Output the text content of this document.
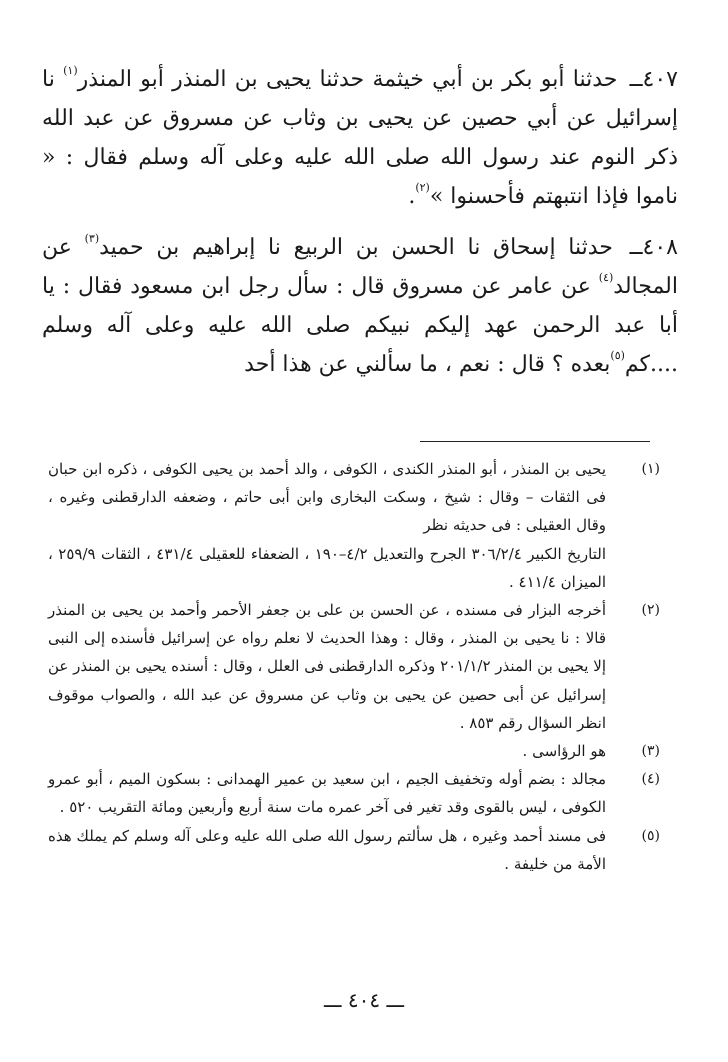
٤٠٧ــ حدثنا أبو بكر بن أبي خيثمة حدثنا يحيى بن المنذر أبو المنذر$^{(١)}$ نا إسرائيل عن أبي حصين عن يحيى بن وثاب عن مسروق عن عبد الله ذكر النوم عند رسول الله صلى الله عليه وعلى آله وسلم فقال : « ناموا فإذا انتبهتم فأحسنوا »$^{(٢)}$.
٤٠٨ــ حدثنا إسحاق نا الحسن بن الربيع نا إبراهيم بن حميد$^{(٣)}$ عن المجالد$^{(٤)}$ عن عامر عن مسروق قال : سأل رجل ابن مسعود فقال : يا أبا عبد الرحمن عهد إليكم نبيكم صلى الله عليه وعلى آله وسلم ....كم$^{(٥)}$بعده ؟ قال : نعم ، ما سألني عن هذا أحد
(١)

يحيى بن المنذر ، أبو المنذر الكندى ، الكوفى ، والد أحمد بن يحيى الكوفى ، ذكره ابن حبان فى الثقات – وقال : شيخ ، وسكت البخارى وابن أبى حاتم ، وضعفه الدارقطنى وغيره ، وقال العقيلى : فى حديثه نظر

التاريخ الكبير ٣٠٦/٢/٤ الجرح والتعديل ٤/٢–١٩٠ ، الضعفاء للعقيلى ٤٣١/٤ ، الثقات ٢٥٩/٩ ، الميزان ٤١١/٤ .

(٢)

أخرجه البزار فى مسنده ، عن الحسن بن على بن جعفر الأحمر وأحمد بن يحيى بن المنذر قالا : نا يحيى بن المنذر ، وقال : وهذا الحديث لا نعلم رواه عن إسرائيل فأسنده إلى النبى إلا يحيى بن المنذر ٢٠١/١/٢ وذكره الدارقطنى فى العلل ، وقال : أسنده يحيى بن المنذر عن إسرائيل عن أبى حصين عن يحيى بن وثاب عن مسروق عن عبد الله ، والصواب موقوف انظر السؤال رقم ٨٥٣ .

(٣)

هو الرؤاسى .

(٤)

مجالد : بضم أوله وتخفيف الجيم ، ابن سعيد بن عمير الهمدانى : بسكون الميم ، أبو عمرو الكوفى ، ليس بالقوى وقد تغير فى آخر عمره مات سنة أربع وأربعين ومائة التقريب ٥٢٠ .

(٥)

فى مسند أحمد وغيره ، هل سألتم رسول الله صلى الله عليه وعلى آله وسلم كم يملك هذه الأمة من خليفة .

ـــ ٤٠٤ ـــ
